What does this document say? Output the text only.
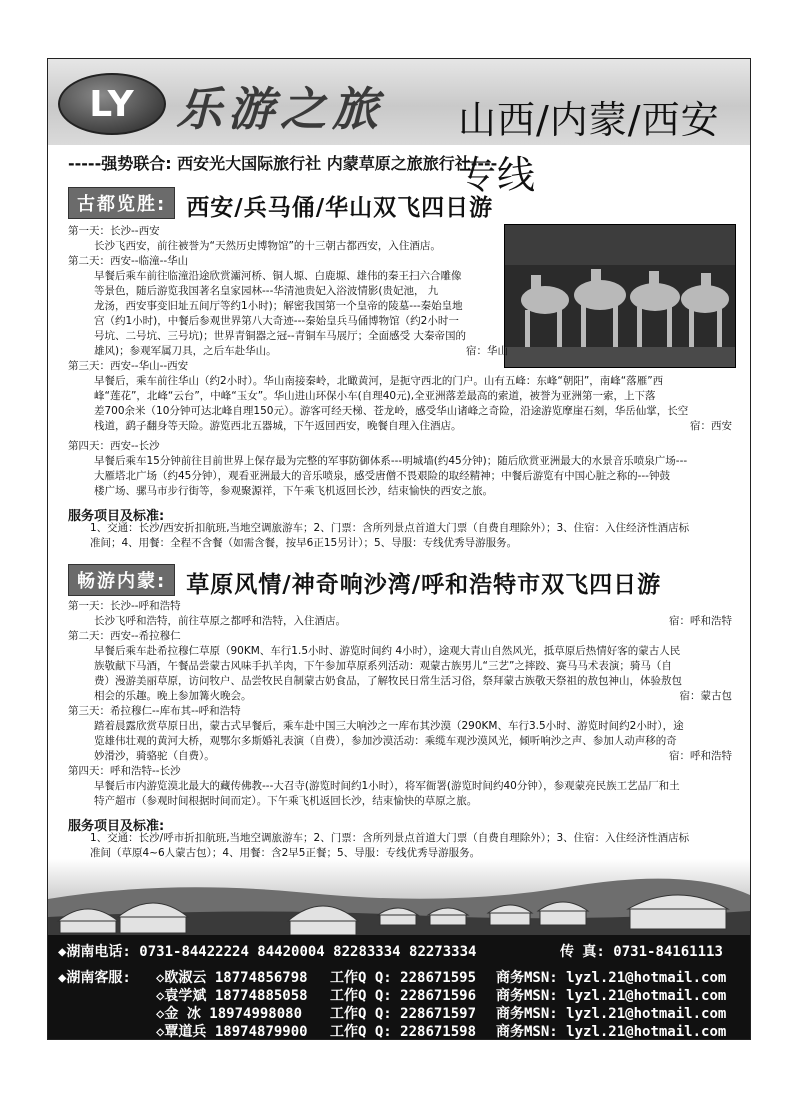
LY 乐游之旅 山西/内蒙/西安专线
-----强势联合: 西安光大国际旅行社 内蒙草原之旅旅行社----
古都览胜: 西安/兵马俑/华山双飞四日游
第一天：长沙--西安
长沙飞西安，前往被誉为“天然历史博物馆”的十三朝古都西安，入住酒店。
第二天：西安--临潼--华山
早餐后乘车前往临潼沿途欣赏灞河桥、铜人塬、白鹿塬、雄伟的秦王扫六合雕像
等景色，随后游览我国著名皇家园林---华清池贵妃入浴波情影(贵妃池， 九
龙汤，西安事变旧址五间厅等约1小时)；解密我国第一个皇帝的陵墓---秦始皇地
宫（约1小时)，中餐后参观世界第八大奇迹---秦始皇兵马俑博物馆（约2小时一
号坑、二号坑、三号坑)；世界青铜器之冠--青铜车马展厅；全面感受 大秦帝国的
雄风)；参观军属刀具，之后车赴华山。	宿：华山
第三天：西安--华山--西安
早餐后，乘车前往华山（约2小时）。华山南接秦岭，北瞰黄河，是扼守西北的门户。山有五峰：东峰“朝阳”，南峰“落雁”西
峰“莲花”，北峰“云台”，中峰“玉女”。华山进山环保小车(自理40元),全亚洲落差最高的索道，被誉为亚洲第一索，上下落
差700余米（10分钟可达北峰自理150元）。游客可经天梯、苍龙岭，感受华山诸峰之奇险，沿途游览摩崖石刻，华岳仙掌，长空
栈道，鹞子翻身等天险。游览西北五器城，下午返回西安，晚餐自理入住酒店。	宿：西安
第四天：西安--长沙
早餐后乘车15分钟前往目前世界上保存最为完整的军事防御体系---明城墙(约45分钟)；随后欣赏亚洲最大的水景音乐喷泉广场---
大雁塔北广场（约45分钟），观看亚洲最大的音乐喷泉，感受唐僧不畏艰险的取经精神；中餐后游览有中国心脏之称的---钟鼓
楼广场、骡马市步行街等，参观聚源祥，下午乘飞机返回长沙，结束愉快的西安之旅。
服务项目及标准:
1、交通：长沙/西安折扣航班,当地空调旅游车；2、门票：含所列景点首道大门票（自费自理除外）；3、住宿：入住经济性酒店标
准间；4、用餐：全程不含餐（如需含餐，按早6正15另计）；5、导服：专线优秀导游服务。
畅游内蒙: 草原风情/神奇响沙湾/呼和浩特市双飞四日游
第一天：长沙--呼和浩特
长沙飞呼和浩特，前往草原之都呼和浩特，入住酒店。	宿：呼和浩特
第二天：西安--希拉穆仁
早餐后乘车赴希拉穆仁草原（90KM、车行1.5小时、游览时间约 4小时），途观大青山自然风光，抵草原后热情好客的蒙古人民
族敬献下马酒，午餐品尝蒙古风味手扒羊肉，下午参加草原系列活动：观蒙古族男儿“三艺”之摔跤、赛马马术表演；骑马（自
费）漫游美丽草原，访问牧户、品尝牧民自制蒙古奶食品，了解牧民日常生活习俗，祭拜蒙古族敬天祭祖的敖包神山，体验敖包
相会的乐趣。晚上参加篝火晚会。	宿：蒙古包
第三天：希拉穆仁--库布其--呼和浩特
踏着晨露欣赏草原日出，蒙古式早餐后，乘车赴中国三大响沙之一库布其沙漠（290KM、车行3.5小时、游览时间约2小时），途
览雄伟壮观的黄河大桥，观鄂尔多斯婚礼表演（自费），参加沙漠活动：乘缆车观沙漠风光，倾听响沙之声、参加人动声移的奇
妙滑沙，骑骆驼（自费）。	宿：呼和浩特
第四天：呼和浩特--长沙
早餐后市内游览漠北最大的藏传佛教---大召寺(游览时间约1小时），将军衙署(游览时间约40分钟），参观蒙亮民族工艺品厂和土
特产超市（参观时间根据时间而定）。下午乘飞机返回长沙，结束愉快的草原之旅。
服务项目及标准:
1、交通：长沙/呼市折扣航班,当地空调旅游车；2、门票：含所列景点首道大门票（自费自理除外）；3、住宿：入住经济性酒店标
准间（草原4~6人蒙古包）；4、用餐：含2早5正餐；5、导服：专线优秀导游服务。
◆湖南电话: 0731-84422224 84420004 82283334 82273334	传 真: 0731-84161113
◆湖南客服: ◇欧淑云 18774856798 工作Q Q: 228671595 商务MSN: lyzl.21@hotmail.com
◇袁学斌 18774885058 工作Q Q: 228671596 商务MSN: lyzl.21@hotmail.com
◇金 冰 18974998080 工作Q Q: 228671597 商务MSN: lyzl.21@hotmail.com
◇覃道兵 18974879900 工作Q Q: 228671598 商务MSN: lyzl.21@hotmail.com
